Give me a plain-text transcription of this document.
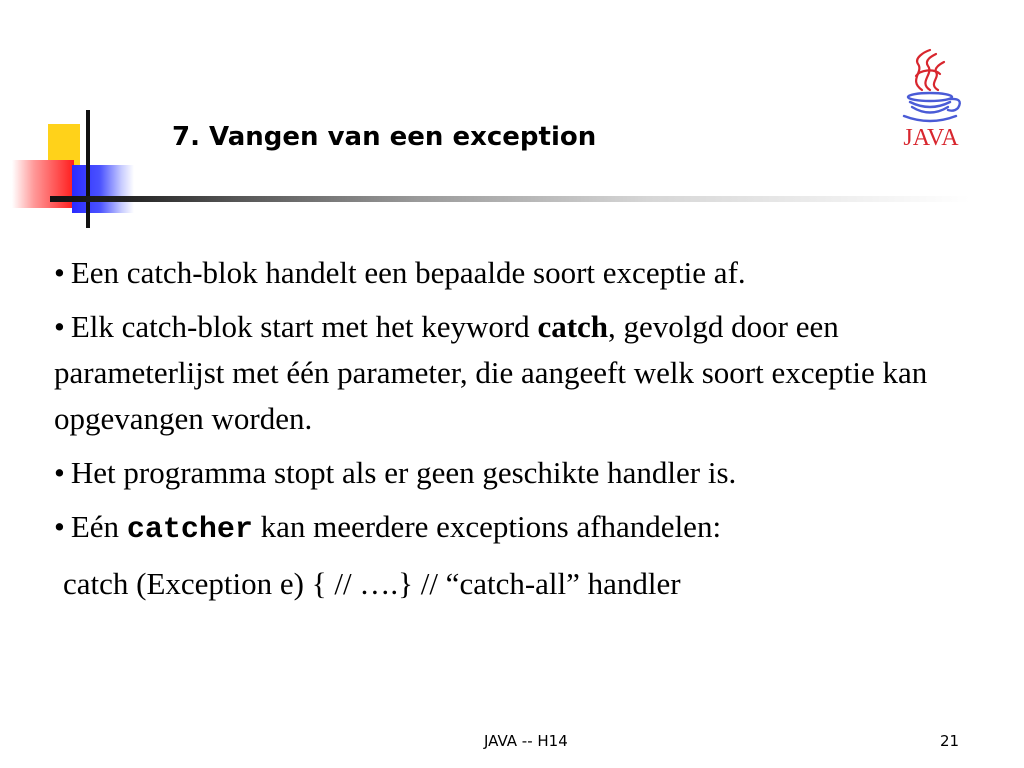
7. Vangen van een exception	JAVA

• Een catch-blok handelt een bepaalde soort exceptie af.

• Elk catch-blok start met het keyword catch, gevolgd door een parameterlijst met één parameter, die aangeeft welk soort exceptie kan opgevangen worden.

• Het programma stopt als er geen geschikte handler is.

• Eén catcher kan meerdere exceptions afhandelen:

catch (Exception e) { // ….} // “catch-all” handler

JAVA -- H14	21
